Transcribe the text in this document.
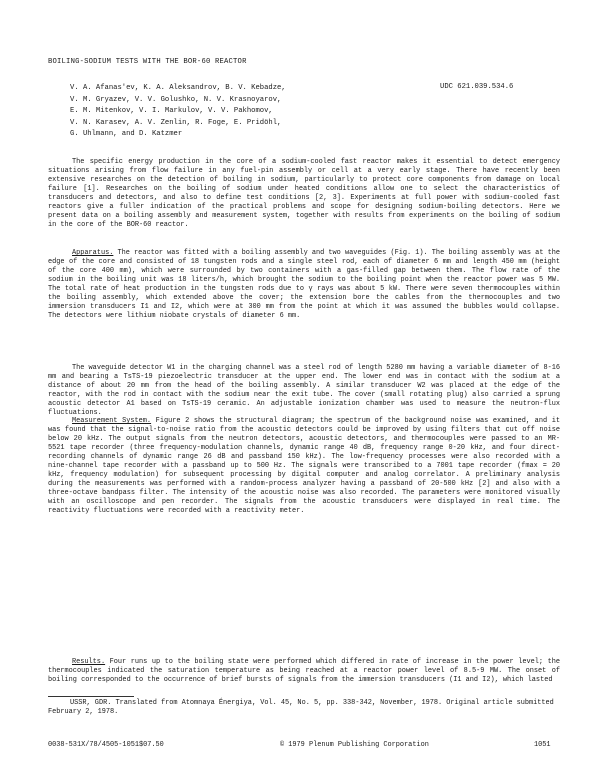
BOILING-SODIUM TESTS WITH THE BOR-60 REACTOR
V. A. Afanas'ev, K. A. Aleksandrov, B. V. Kebadze,
V. M. Gryazev, V. V. Golushko, N. V. Krasnoyarov,
E. M. Mitenkov, V. I. Markulov, V. V. Pakhomov,
V. N. Karasev, A. V. Zenlin, R. Foge, E. Pridöhl,
G. Uhlmann, and D. Katzmer
UDC 621.039.534.6

The specific energy production in the core of a sodium-cooled fast reactor makes it essential to detect emergency situations arising from flow failure in any fuel-pin assembly or cell at a very early stage. There have recently been extensive researches on the detection of boiling in sodium, particularly to protect core components from damage on local failure [1]. Researches on the boiling of sodium under heated conditions allow one to select the characteristics of transducers and detectors, and also to define test conditions [2, 3]. Experiments at full power with sodium-cooled fast reactors give a fuller indication of the practical problems and scope for designing sodium-boiling detectors. Here we present data on a boiling assembly and measurement system, together with results from experiments on the boiling of sodium in the core of the BOR-60 reactor.

Apparatus. The reactor was fitted with a boiling assembly and two waveguides (Fig. 1). The boiling assembly was at the edge of the core and consisted of 18 tungsten rods and a single steel rod, each of diameter 6 mm and length 450 mm (height of the core 400 mm), which were surrounded by two containers with a gas-filled gap between them. The flow rate of the sodium in the boiling unit was 18 liters/h, which brought the sodium to the boiling point when the reactor power was 5 MW. The total rate of heat production in the tungsten rods due to γ rays was about 5 kW. There were seven thermocouples within the boiling assembly, which extended above the cover; the extension bore the cables from the thermocouples and two immersion transducers I1 and I2, which were at 300 mm from the point at which it was assumed the bubbles would collapse. The detectors were lithium niobate crystals of diameter 6 mm.

The waveguide detector W1 in the charging channel was a steel rod of length 5280 mm having a variable diameter of 8-16 mm and bearing a TsTS-19 piezoelectric transducer at the upper end. The lower end was in contact with the sodium at a distance of about 20 mm from the head of the boiling assembly. A similar transducer W2 was placed at the edge of the reactor, with the rod in contact with the sodium near the exit tube. The cover (small rotating plug) also carried a sprung acoustic detector A1 based on TsTS-19 ceramic. An adjustable ionization chamber was used to measure the neutron-flux fluctuations.

Measurement System. Figure 2 shows the structural diagram; the spectrum of the background noise was examined, and it was found that the signal-to-noise ratio from the acoustic detectors could be improved by using filters that cut off noise below 20 kHz. The output signals from the neutron detectors, acoustic detectors, and thermocouples were passed to an MR-5521 tape recorder (three frequency-modulation channels, dynamic range 40 dB, frequency range 0-20 kHz, and four direct-recording channels of dynamic range 26 dB and passband 150 kHz). The low-frequency processes were also recorded with a nine-channel tape recorder with a passband up to 500 Hz. The signals were transcribed to a 7001 tape recorder (fmax = 20 kHz, frequency modulation) for subsequent processing by digital computer and analog correlator. A preliminary analysis during the measurements was performed with a random-process analyzer having a passband of 20-500 kHz [2] and also with a three-octave bandpass filter. The intensity of the acoustic noise was also recorded. The parameters were monitored visually with an oscilloscope and pen recorder. The signals from the acoustic transducers were displayed in real time. The reactivity fluctuations were recorded with a reactivity meter.

Results. Four runs up to the boiling state were performed which differed in rate of increase in the power level; the thermocouples indicated the saturation temperature as being reached at a reactor power level of 8.5-9 MW. The onset of boiling corresponded to the occurrence of brief bursts of signals from the immersion transducers (I1 and I2), which lasted

USSR, GDR. Translated from Atomnaya Énergiya, Vol. 45, No. 5, pp. 338-342, November, 1978. Original article submitted February 2, 1978.

0038-531X/78/4505-1051$07.50	© 1979 Plenum Publishing Corporation	1051
